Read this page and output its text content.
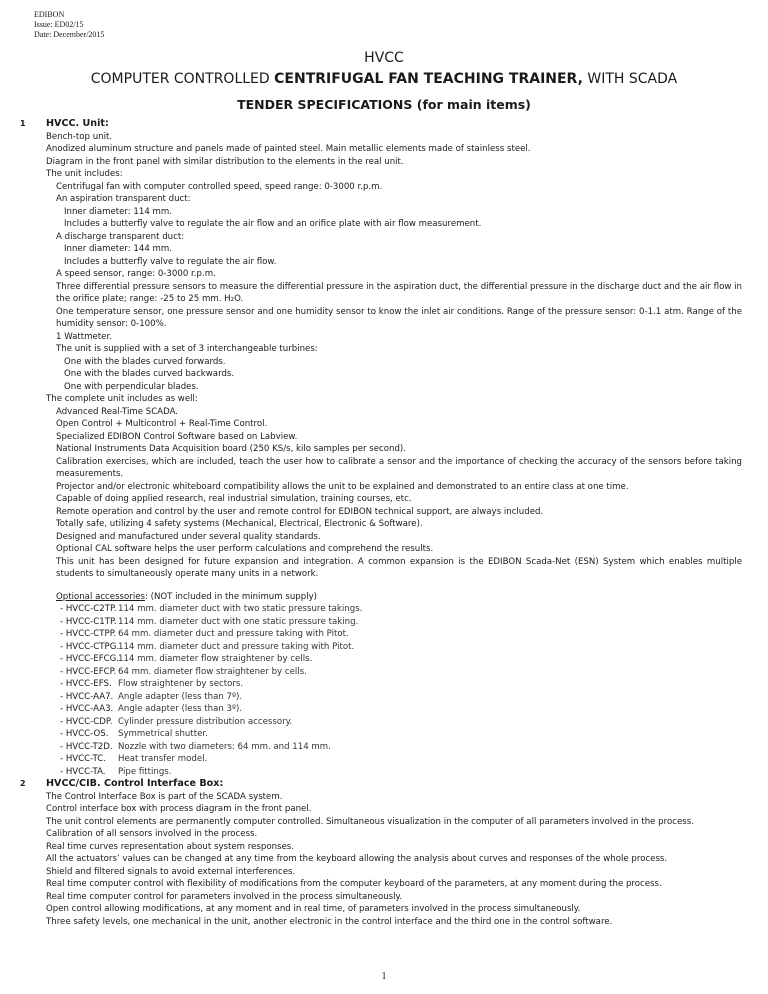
EDIBON
Issue: ED02/15
Date: December/2015
HVCC
COMPUTER CONTROLLED CENTRIFUGAL FAN TEACHING TRAINER, WITH SCADA
TENDER SPECIFICATIONS (for main items)
1 HVCC. Unit:
Bench-top unit.
Anodized aluminum structure and panels made of painted steel. Main metallic elements made of stainless steel.
Diagram in the front panel with similar distribution to the elements in the real unit.
The unit includes:
Centrifugal fan with computer controlled speed, speed range: 0-3000 r.p.m.
An aspiration transparent duct:
Inner diameter: 114 mm.
Includes a butterfly valve to regulate the air flow and an orifice plate with air flow measurement.
A discharge transparent duct:
Inner diameter: 144 mm.
Includes a butterfly valve to regulate the air flow.
A speed sensor, range: 0-3000 r.p.m.
Three differential pressure sensors to measure the differential pressure in the aspiration duct, the differential pressure in the discharge duct and the air flow in the orifice plate; range: -25 to 25 mm. H₂O.
One temperature sensor, one pressure sensor and one humidity sensor to know the inlet air conditions. Range of the pressure sensor: 0-1.1 atm. Range of the humidity sensor: 0-100%.
1 Wattmeter.
The unit is supplied with a set of 3 interchangeable turbines:
One with the blades curved forwards.
One with the blades curved backwards.
One with perpendicular blades.
The complete unit includes as well:
Advanced Real-Time SCADA.
Open Control + Multicontrol + Real-Time Control.
Specialized EDIBON Control Software based on Labview.
National Instruments Data Acquisition board (250 KS/s, kilo samples per second).
Calibration exercises, which are included, teach the user how to calibrate a sensor and the importance of checking the accuracy of the sensors before taking measurements.
Projector and/or electronic whiteboard compatibility allows the unit to be explained and demonstrated to an entire class at one time.
Capable of doing applied research, real industrial simulation, training courses, etc.
Remote operation and control by the user and remote control for EDIBON technical support, are always included.
Totally safe, utilizing 4 safety systems (Mechanical, Electrical, Electronic & Software).
Designed and manufactured under several quality standards.
Optional CAL software helps the user perform calculations and comprehend the results.
This unit has been designed for future expansion and integration. A common expansion is the EDIBON Scada-Net (ESN) System which enables multiple students to simultaneously operate many units in a network.
Optional accessories: (NOT included in the minimum supply)
- HVCC-C2TP.114 mm. diameter duct with two static pressure takings.
- HVCC-C1TP.114 mm. diameter duct with one static pressure taking.
- HVCC-CTPP. 64 mm. diameter duct and pressure taking with Pitot.
- HVCC-CTPG.114 mm. diameter duct and pressure taking with Pitot.
- HVCC-EFCG.114 mm. diameter flow straightener by cells.
- HVCC-EFCP. 64 mm. diameter flow straightener by cells.
- HVCC-EFS. Flow straightener by sectors.
- HVCC-AA7. Angle adapter (less than 7º).
- HVCC-AA3. Angle adapter (less than 3º).
- HVCC-CDP. Cylinder pressure distribution accessory.
- HVCC-OS. Symmetrical shutter.
- HVCC-T2D. Nozzle with two diameters: 64 mm. and 114 mm.
- HVCC-TC. Heat transfer model.
- HVCC-TA. Pipe fittings.
2 HVCC/CIB. Control Interface Box:
The Control Interface Box is part of the SCADA system.
Control interface box with process diagram in the front panel.
The unit control elements are permanently computer controlled. Simultaneous visualization in the computer of all parameters involved in the process.
Calibration of all sensors involved in the process.
Real time curves representation about system responses.
All the actuators’ values can be changed at any time from the keyboard allowing the analysis about curves and responses of the whole process.
Shield and filtered signals to avoid external interferences.
Real time computer control with flexibility of modifications from the computer keyboard of the parameters, at any moment during the process.
Real time computer control for parameters involved in the process simultaneously.
Open control allowing modifications, at any moment and in real time, of parameters involved in the process simultaneously.
Three safety levels, one mechanical in the unit, another electronic in the control interface and the third one in the control software.
1
